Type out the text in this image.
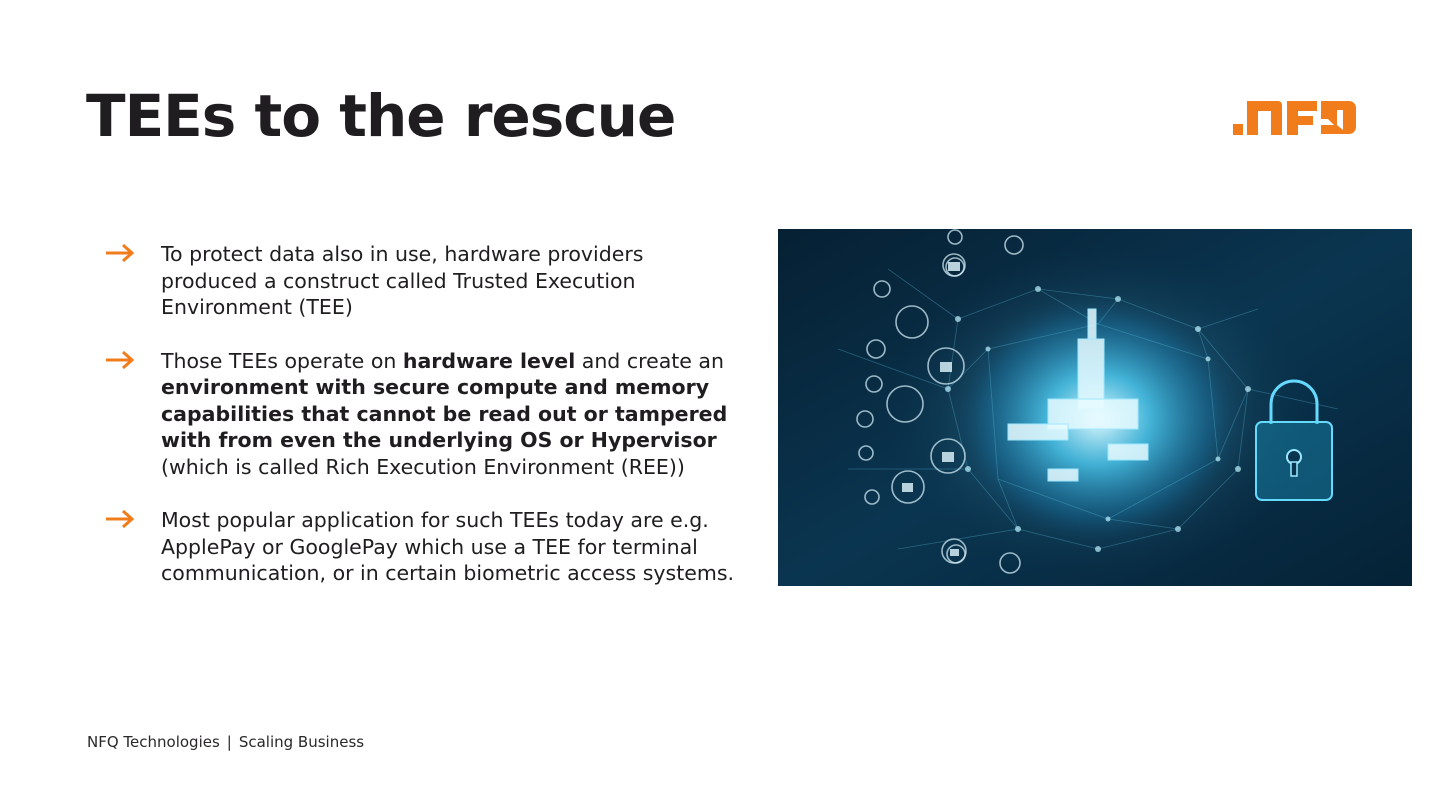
TEEs to the rescue
To protect data also in use, hardware providers produced a construct called Trusted Execution Environment (TEE)
Those TEEs operate on hardware level and create an environment with secure compute and memory capabilities that cannot be read out or tampered with from even the underlying OS or Hypervisor (which is called Rich Execution Environment (REE))
Most popular application for such TEEs today are e.g. ApplePay or GooglePay which use a TEE for terminal communication, or in certain biometric access systems.
NFQ Technologies | Scaling Business
